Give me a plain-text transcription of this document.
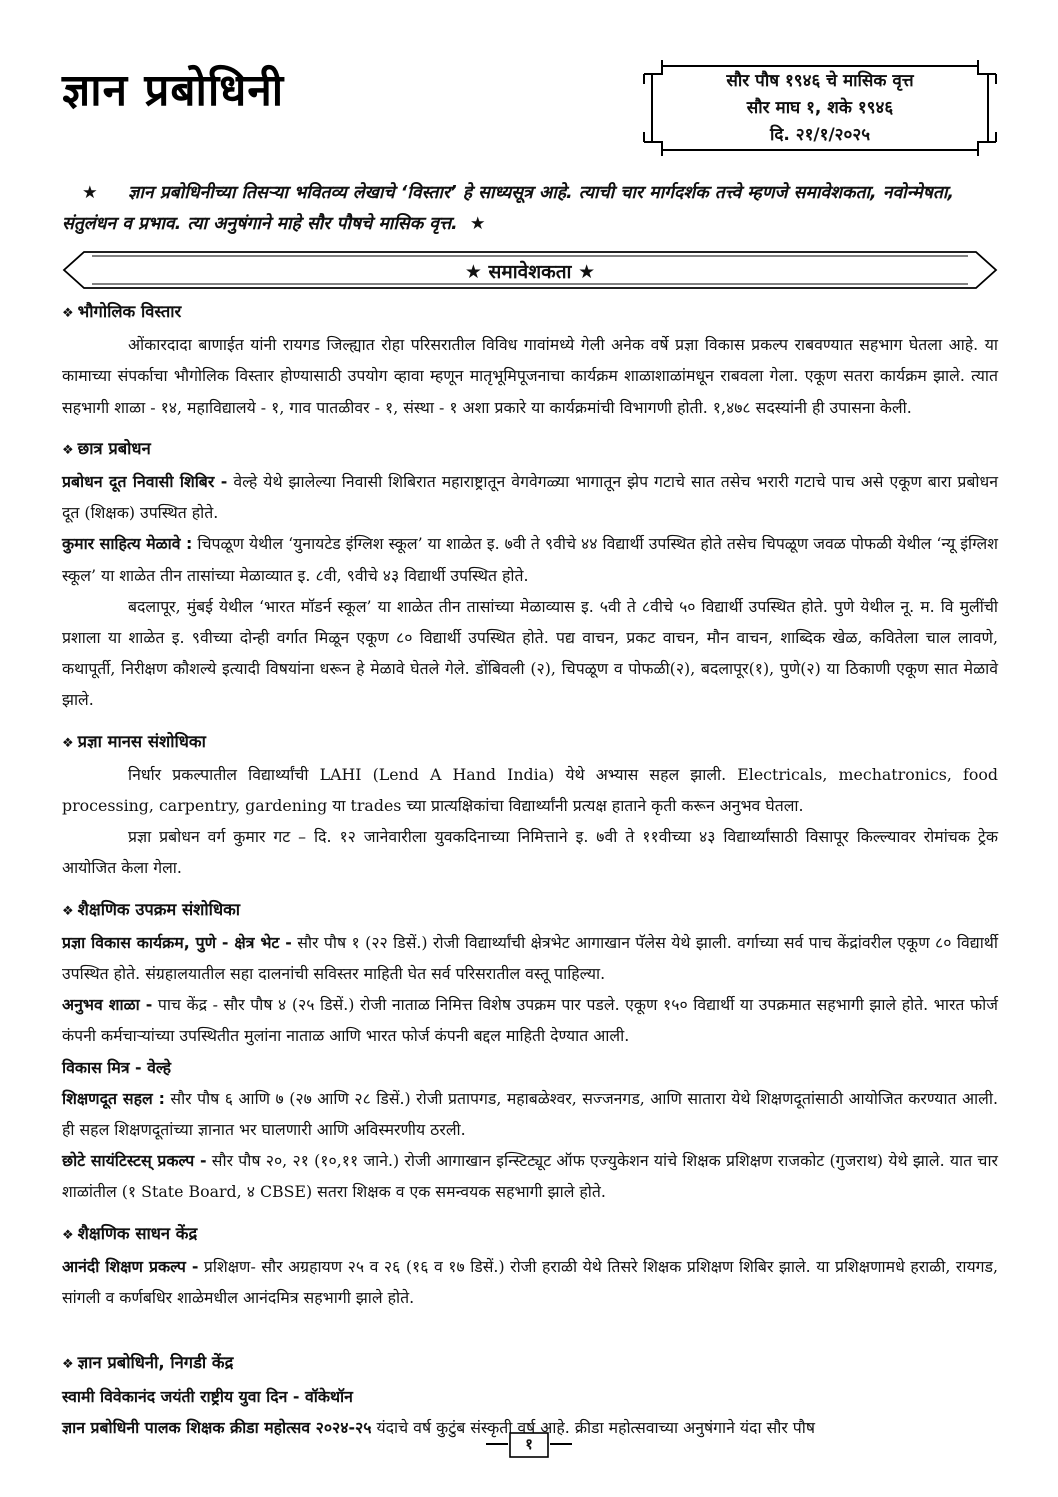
ज्ञान प्रबोधिनी	सौर पौष १९४६ चे मासिक वृत्त
सौर माघ १, शके १९४६
दि. २१/१/२०२५
★ ज्ञान प्रबोधिनीच्या तिसऱ्या भवितव्य लेखाचे ‘विस्तार’ हे साध्यसूत्र आहे. त्याची चार मार्गदर्शक तत्त्वे म्हणजे समावेशकता, नवोन्मेषता, संतुलंधन व प्रभाव. त्या अनुषंगाने माहे सौर पौषचे मासिक वृत्त. ★
★ समावेशकता ★

❖ भौगोलिक विस्तार

ओंकारदादा बाणाईत यांनी रायगड जिल्ह्यात रोहा परिसरातील विविध गावांमध्ये गेली अनेक वर्षे प्रज्ञा विकास प्रकल्प राबवण्यात सहभाग घेतला आहे. या कामाच्या संपर्काचा भौगोलिक विस्तार होण्यासाठी उपयोग व्हावा म्हणून मातृभूमिपूजनाचा कार्यक्रम शाळाशाळांमधून राबवला गेला. एकूण सतरा कार्यक्रम झाले. त्यात सहभागी शाळा - १४, महाविद्यालये - १, गाव पातळीवर - १, संस्था - १ अशा प्रकारे या कार्यक्रमांची विभागणी होती. १,४७८ सदस्यांनी ही उपासना केली.

❖ छात्र प्रबोधन

प्रबोधन दूत निवासी शिबिर - वेल्हे येथे झालेल्या निवासी शिबिरात महाराष्ट्रातून वेगवेगळ्या भागातून झेप गटाचे सात तसेच भरारी गटाचे पाच असे एकूण बारा प्रबोधन दूत (शिक्षक) उपस्थित होते.

कुमार साहित्य मेळावे : चिपळूण येथील ‘युनायटेड इंग्लिश स्कूल’ या शाळेत इ. ७वी ते ९वीचे ४४ विद्यार्थी उपस्थित होते तसेच चिपळूण जवळ पोफळी येथील ‘न्यू इंग्लिश स्कूल’ या शाळेत तीन तासांच्या मेळाव्यात इ. ८वी, ९वीचे ४३ विद्यार्थी उपस्थित होते.

बदलापूर, मुंबई येथील ‘भारत मॉडर्न स्कूल’ या शाळेत तीन तासांच्या मेळाव्यास इ. ५वी ते ८वीचे ५० विद्यार्थी उपस्थित होते. पुणे येथील नू. म. वि मुलींची प्रशाला या शाळेत इ. ९वीच्या दोन्ही वर्गात मिळून एकूण ८० विद्यार्थी उपस्थित होते. पद्य वाचन, प्रकट वाचन, मौन वाचन, शाब्दिक खेळ, कवितेला चाल लावणे, कथापूर्ती, निरीक्षण कौशल्ये इत्यादी विषयांना धरून हे मेळावे घेतले गेले. डोंबिवली (२), चिपळूण व पोफळी(२), बदलापूर(१), पुणे(२) या ठिकाणी एकूण सात मेळावे झाले.

❖ प्रज्ञा मानस संशोधिका

निर्धार प्रकल्पातील विद्यार्थ्यांची LAHI (Lend A Hand India) येथे अभ्यास सहल झाली. Electricals, mechatronics, food processing, carpentry, gardening या trades च्या प्रात्यक्षिकांचा विद्यार्थ्यांनी प्रत्यक्ष हाताने कृती करून अनुभव घेतला.

प्रज्ञा प्रबोधन वर्ग कुमार गट – दि. १२ जानेवारीला युवकदिनाच्या निमित्ताने इ. ७वी ते ११वीच्या ४३ विद्यार्थ्यांसाठी विसापूर किल्ल्यावर रोमांचक ट्रेक आयोजित केला गेला.

❖ शैक्षणिक उपक्रम संशोधिका

प्रज्ञा विकास कार्यक्रम, पुणे - क्षेत्र भेट - सौर पौष १ (२२ डिसें.) रोजी विद्यार्थ्यांची क्षेत्रभेट आगाखान पॅलेस येथे झाली. वर्गाच्या सर्व पाच केंद्रांवरील एकूण ८० विद्यार्थी उपस्थित होते. संग्रहालयातील सहा दालनांची सविस्तर माहिती घेत सर्व परिसरातील वस्तू पाहिल्या.

अनुभव शाळा - पाच केंद्र - सौर पौष ४ (२५ डिसें.) रोजी नाताळ निमित्त विशेष उपक्रम पार पडले. एकूण १५० विद्यार्थी या उपक्रमात सहभागी झाले होते. भारत फोर्ज कंपनी कर्मचाऱ्यांच्या उपस्थितीत मुलांना नाताळ आणि भारत फोर्ज कंपनी बद्दल माहिती देण्यात आली.

विकास मित्र - वेल्हे

शिक्षणदूत सहल : सौर पौष ६ आणि ७ (२७ आणि २८ डिसें.) रोजी प्रतापगड, महाबळेश्वर, सज्जनगड, आणि सातारा येथे शिक्षणदूतांसाठी आयोजित करण्यात आली. ही सहल शिक्षणदूतांच्या ज्ञानात भर घालणारी आणि अविस्मरणीय ठरली.

छोटे सायंटिस्टस् प्रकल्प - सौर पौष २०, २१ (१०,११ जाने.) रोजी आगाखान इन्स्टिट्यूट ऑफ एज्युकेशन यांचे शिक्षक प्रशिक्षण राजकोट (गुजराथ) येथे झाले. यात चार शाळांतील (१ State Board, ४ CBSE) सतरा शिक्षक व एक समन्वयक सहभागी झाले होते.

❖ शैक्षणिक साधन केंद्र

आनंदी शिक्षण प्रकल्प - प्रशिक्षण- सौर अग्रहायण २५ व २६ (१६ व १७ डिसें.) रोजी हराळी येथे तिसरे शिक्षक प्रशिक्षण शिबिर झाले. या प्रशिक्षणामधे हराळी, रायगड, सांगली व कर्णबधिर शाळेमधील आनंदमित्र सहभागी झाले होते.

❖ ज्ञान प्रबोधिनी, निगडी केंद्र

स्वामी विवेकानंद जयंती राष्ट्रीय युवा दिन - वॉकेथॉन

ज्ञान प्रबोधिनी पालक शिक्षक क्रीडा महोत्सव २०२४-२५ यंदाचे वर्ष कुटुंब संस्कृती वर्ष आहे. क्रीडा महोत्सवाच्या अनुषंगाने यंदा सौर पौष

१
